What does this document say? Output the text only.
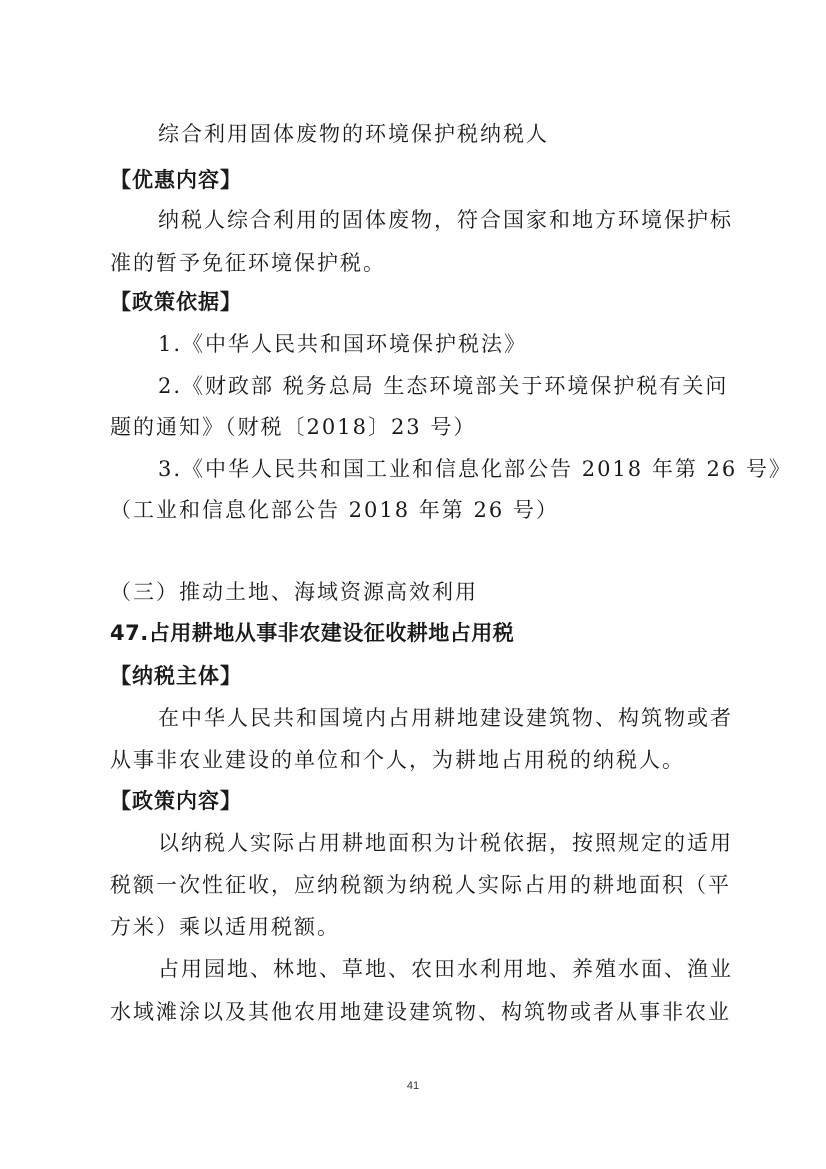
综合利用固体废物的环境保护税纳税人

【优惠内容】

纳税人综合利用的固体废物，符合国家和地方环境保护标

准的暂予免征环境保护税。

【政策依据】

1.《中华人民共和国环境保护税法》

2.《财政部 税务总局 生态环境部关于环境保护税有关问

题的通知》（财税〔2018〕23 号）

3.《中华人民共和国工业和信息化部公告 2018 年第 26 号》

（工业和信息化部公告 2018 年第 26 号）

（三）推动土地、海域资源高效利用

47.占用耕地从事非农建设征收耕地占用税

【纳税主体】

在中华人民共和国境内占用耕地建设建筑物、构筑物或者

从事非农业建设的单位和个人，为耕地占用税的纳税人。

【政策内容】

以纳税人实际占用耕地面积为计税依据，按照规定的适用

税额一次性征收，应纳税额为纳税人实际占用的耕地面积（平

方米）乘以适用税额。

占用园地、林地、草地、农田水利用地、养殖水面、渔业

水域滩涂以及其他农用地建设建筑物、构筑物或者从事非农业

41
